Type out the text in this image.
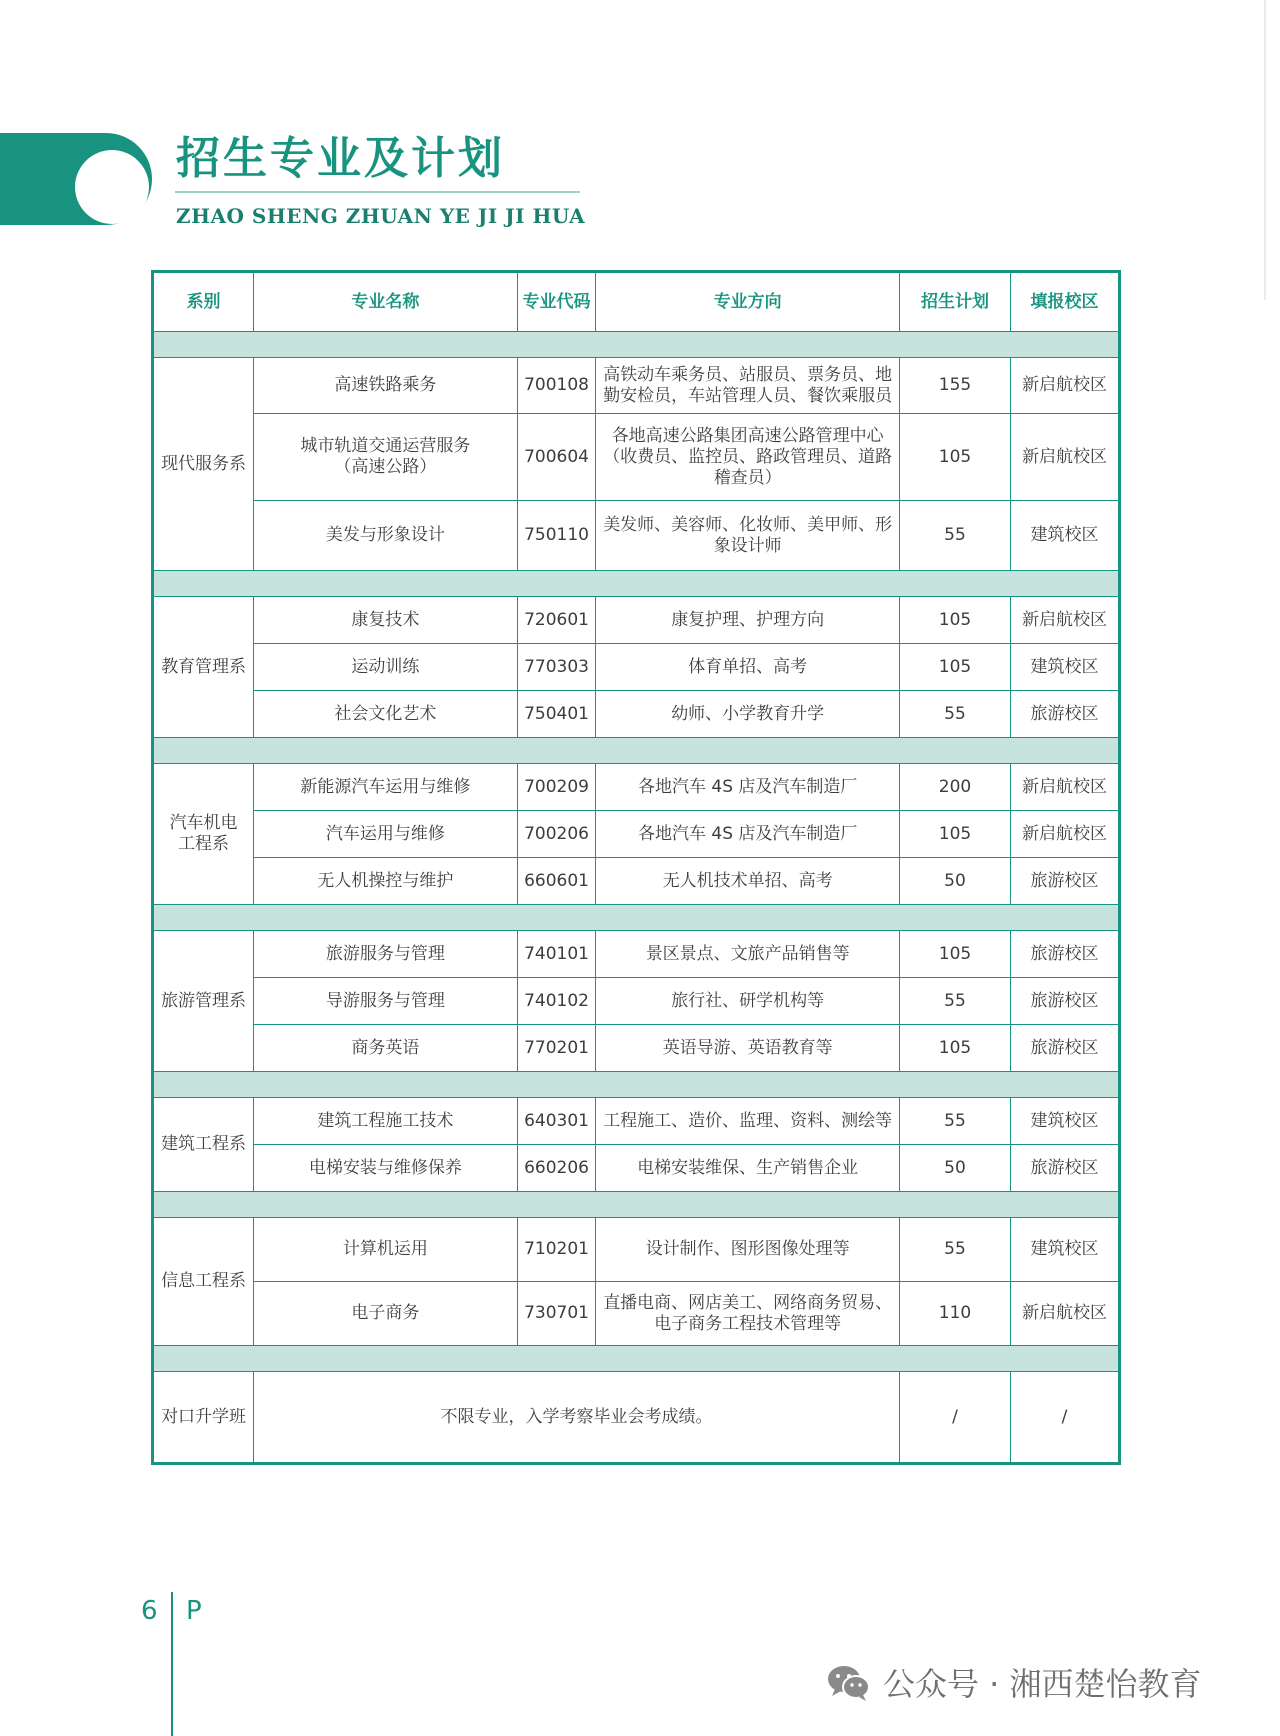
招生专业及计划
ZHAO SHENG ZHUAN YE JI JI HUA
系别	专业名称	专业代码	专业方向	招生计划	填报校区

现代服务系	高速铁路乘务	700108	高铁动车乘务员、站服员、票务员、地勤安检员，车站管理人员、餐饮乘服员	155	新启航校区
	城市轨道交通运营服务（高速公路）	700604	各地高速公路集团高速公路管理中心（收费员、监控员、路政管理员、道路稽查员）	105	新启航校区
	美发与形象设计	750110	美发师、美容师、化妆师、美甲师、形象设计师	55	建筑校区

教育管理系	康复技术	720601	康复护理、护理方向	105	新启航校区
	运动训练	770303	体育单招、高考	105	建筑校区
	社会文化艺术	750401	幼师、小学教育升学	55	旅游校区

汽车机电工程系	新能源汽车运用与维修	700209	各地汽车 4S 店及汽车制造厂	200	新启航校区
	汽车运用与维修	700206	各地汽车 4S 店及汽车制造厂	105	新启航校区
	无人机操控与维护	660601	无人机技术单招、高考	50	旅游校区

旅游管理系	旅游服务与管理	740101	景区景点、文旅产品销售等	105	旅游校区
	导游服务与管理	740102	旅行社、研学机构等	55	旅游校区
	商务英语	770201	英语导游、英语教育等	105	旅游校区

建筑工程系	建筑工程施工技术	640301	工程施工、造价、监理、资料、测绘等	55	建筑校区
	电梯安装与维修保养	660206	电梯安装维保、生产销售企业	50	旅游校区

信息工程系	计算机运用	710201	设计制作、图形图像处理等	55	建筑校区
	电子商务	730701	直播电商、网店美工、网络商务贸易、电子商务工程技术管理等	110	新启航校区

对口升学班	不限专业，入学考察毕业会考成绩。			/	/
6 P
公众号 · 湘西楚怡教育
